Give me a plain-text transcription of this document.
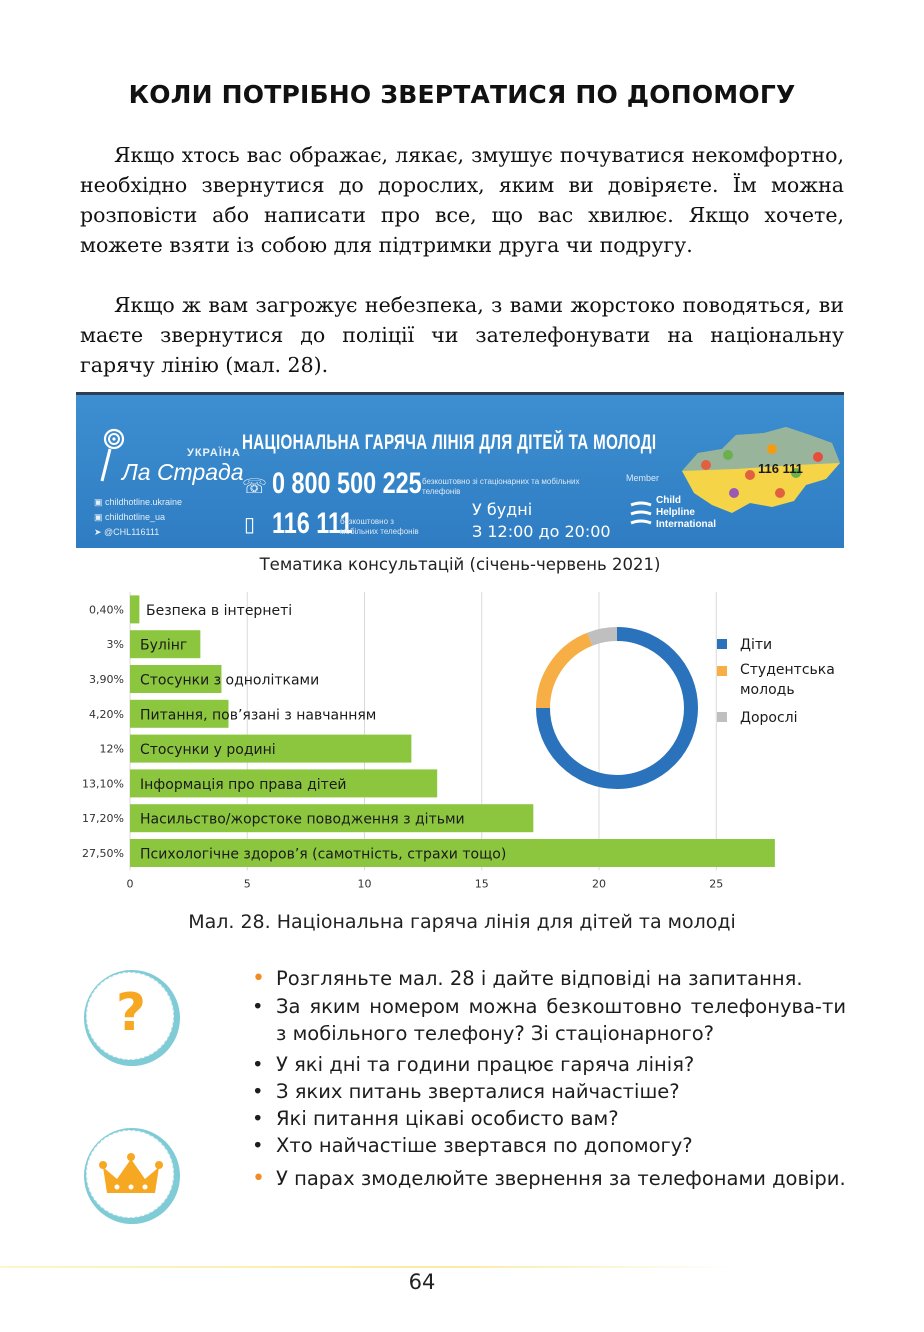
КОЛИ ПОТРІБНО ЗВЕРТАТИСЯ ПО ДОПОМОГУ

Якщо хтось вас ображає, лякає, змушує почуватися некомфортно, необхідно звернутися до дорослих, яким ви довіряєте. Їм можна розповісти або написати про все, що вас хвилює. Якщо хочете, можете взяти із собою для підтримки друга чи подругу.

Якщо ж вам загрожує небезпека, з вами жорстоко поводяться, ви маєте звернутися до поліції чи зателефонувати на національну гарячу лінію (мал. 28).

УКРАЇНА
Ла Страда
▣ childhotline.ukraine
▣ childhotline_ua
➤ @CHL116111
НАЦІОНАЛЬНА ГАРЯЧА ЛІНІЯ ДЛЯ ДІТЕЙ ТА МОЛОДІ
☏ 0 800 500 225 безкоштовно зі стаціонарних та мобільних телефонів
▯ 116 111
безкоштовно з мобільних телефонів
У будні
З 12:00 до 20:00
Member
Child
Helpline
International
116 111
Тематика консультацій (січень-червень 2021)
0	5	10	15	20	25
0,40% Безпека в інтернеті
3% Булінг
3,90% Стосунки з однолітками
4,20% Питання, пов’язані з навчанням
12% Стосунки у родині
13,10% Інформація про права дітей
17,20% Насильство/жорстоке поводження з дітьми
27,50% Психологічне здоров’я (самотність, страхи тощо)
Діти
Студентська
молодь
Дорослі
Мал. 28. Національна гаряча лінія для дітей та молоді
?
• Розгляньте мал. 28 і дайте відповіді на запитання.
• За яким номером можна безкоштовно телефонува-ти з мобільного телефону? Зі стаціонарного?
• У які дні та години працює гаряча лінія?
• З яких питань зверталися найчастіше?
• Які питання цікаві особисто вам?
• Хто найчастіше звертався по допомогу?
• У парах змоделюйте звернення за телефонами довіри.
64
